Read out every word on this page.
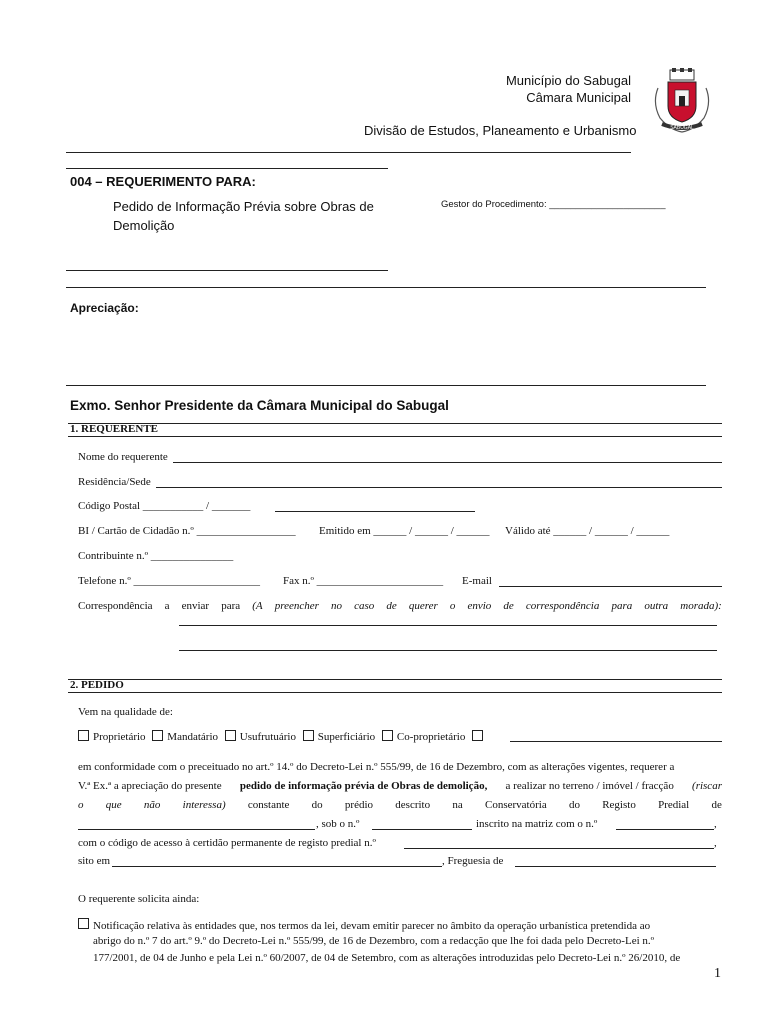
Município do Sabugal
Câmara Municipal
Divisão de Estudos, Planeamento e Urbanismo	SABUGAL
004 – REQUERIMENTO PARA:
Pedido de Informação Prévia sobre Obras de
Demolição
Gestor do Procedimento: ______________________
Apreciação:
Exmo. Senhor Presidente da Câmara Municipal do Sabugal
1. REQUERENTE
Nome do requerente
Residência/Sede
Código Postal ___________ / _______
BI / Cartão de Cidadão n.º __________________ Emitido em ______ / ______ / ______ Válido até ______ / ______ / ______
Contribuinte n.º _______________
Telefone n.º _______________________ Fax n.º _______________________ E-mail
Correspondência a enviar para (A preencher no caso de querer o envio de correspondência para outra morada):
2. PEDIDO
Vem na qualidade de:
Proprietário Mandatário Usufrutuário Superficiário Co-proprietário
em conformidade com o preceituado no art.º 14.º do Decreto-Lei n.º 555/99, de 16 de Dezembro, com as alterações vigentes, requerer a
V.ª Ex.ª a apreciação do presente pedido de informação prévia de Obras de demolição, a realizar no terreno / imóvel / fracção (riscar
o que não interessa) constante do prédio descrito na Conservatória do Registo Predial de
, sob o n.º	inscrito na matriz com o n.º	,
com o código de acesso à certidão permanente de registo predial n.º	,
sito em	, Freguesia de
O requerente solicita ainda:
Notificação relativa às entidades que, nos termos da lei, devam emitir parecer no âmbito da operação urbanística pretendida ao
abrigo do n.º 7 do art.º 9.º do Decreto-Lei n.º 555/99, de 16 de Dezembro, com a redacção que lhe foi dada pelo Decreto-Lei n.º
177/2001, de 04 de Junho e pela Lei n.º 60/2007, de 04 de Setembro, com as alterações introduzidas pelo Decreto-Lei n.º 26/2010, de
1
